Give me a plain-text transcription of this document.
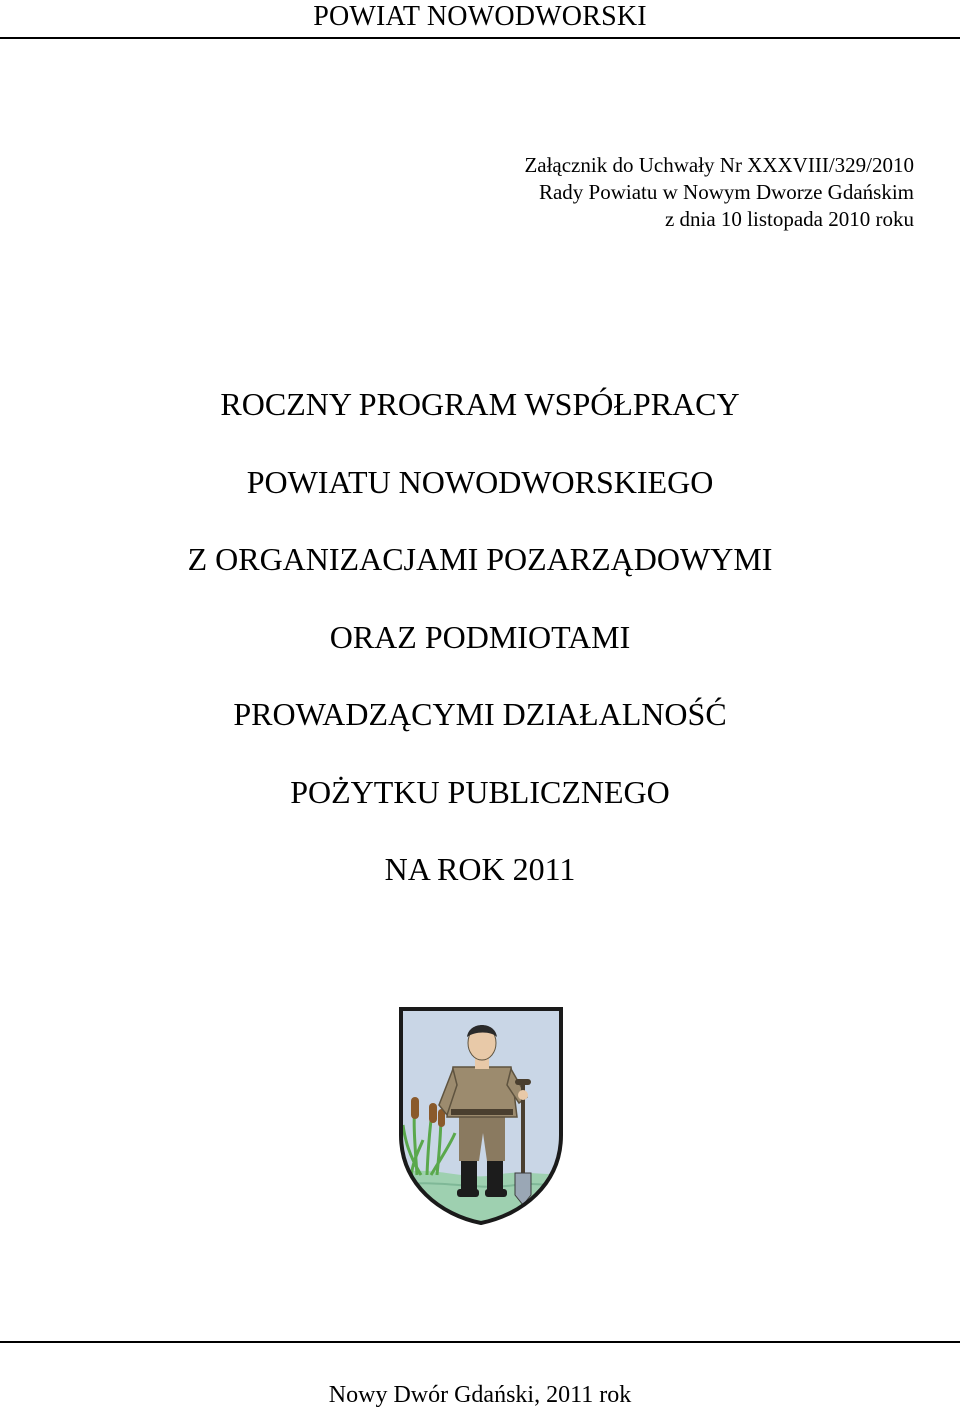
POWIAT NOWODWORSKI
Załącznik do Uchwały Nr XXXVIII/329/2010
Rady Powiatu w Nowym Dworze Gdańskim
z dnia 10 listopada 2010 roku
ROCZNY PROGRAM WSPÓŁPRACY
POWIATU NOWODWORSKIEGO
Z ORGANIZACJAMI POZARZĄDOWYMI
ORAZ PODMIOTAMI
PROWADZĄCYMI DZIAŁALNOŚĆ
POŻYTKU PUBLICZNEGO
NA ROK 2011
Nowy Dwór Gdański, 2011 rok
